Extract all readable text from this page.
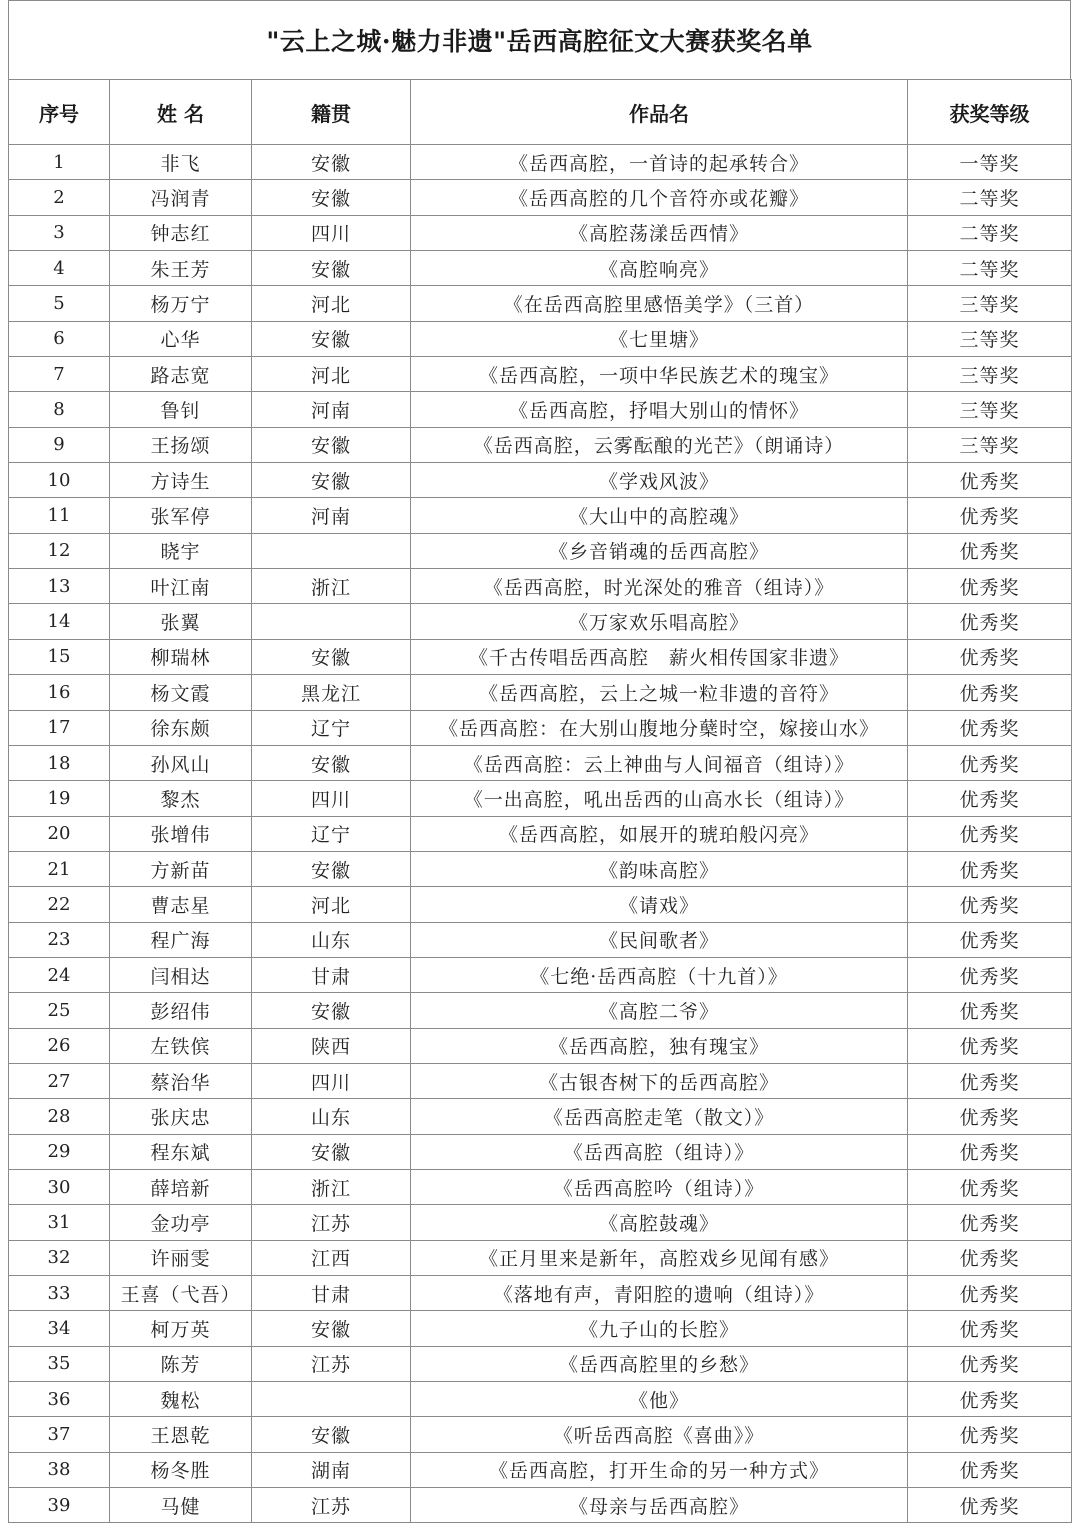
"云上之城·魅力非遗"岳西高腔征文大赛获奖名单
序号	姓 名	籍贯	作品名	获奖等级
1	非飞	安徽	《岳西高腔，一首诗的起承转合》	一等奖
2	冯润青	安徽	《岳西高腔的几个音符亦或花瓣》	二等奖
3	钟志红	四川	《高腔荡漾岳西情》	二等奖
4	朱王芳	安徽	《高腔响亮》	二等奖
5	杨万宁	河北	《在岳西高腔里感悟美学》（三首）	三等奖
6	心华	安徽	《七里塘》	三等奖
7	路志宽	河北	《岳西高腔，一项中华民族艺术的瑰宝》	三等奖
8	鲁钊	河南	《岳西高腔，抒唱大别山的情怀》	三等奖
9	王扬颂	安徽	《岳西高腔，云雾酝酿的光芒》（朗诵诗）	三等奖
10	方诗生	安徽	《学戏风波》	优秀奖
11	张军停	河南	《大山中的高腔魂》	优秀奖
12	晓宇		《乡音销魂的岳西高腔》	优秀奖
13	叶江南	浙江	《岳西高腔，时光深处的雅音（组诗）》	优秀奖
14	张翼		《万家欢乐唱高腔》	优秀奖
15	柳瑞林	安徽	《千古传唱岳西高腔　薪火相传国家非遗》	优秀奖
16	杨文霞	黑龙江	《岳西高腔，云上之城一粒非遗的音符》	优秀奖
17	徐东颇	辽宁	《岳西高腔：在大别山腹地分蘖时空，嫁接山水》	优秀奖
18	孙风山	安徽	《岳西高腔：云上神曲与人间福音（组诗）》	优秀奖
19	黎杰	四川	《一出高腔，吼出岳西的山高水长（组诗）》	优秀奖
20	张增伟	辽宁	《岳西高腔，如展开的琥珀般闪亮》	优秀奖
21	方新苗	安徽	《韵味高腔》	优秀奖
22	曹志星	河北	《请戏》	优秀奖
23	程广海	山东	《民间歌者》	优秀奖
24	闫相达	甘肃	《七绝·岳西高腔（十九首）》	优秀奖
25	彭绍伟	安徽	《高腔二爷》	优秀奖
26	左铁傧	陕西	《岳西高腔，独有瑰宝》	优秀奖
27	蔡治华	四川	《古银杏树下的岳西高腔》	优秀奖
28	张庆忠	山东	《岳西高腔走笔（散文）》	优秀奖
29	程东斌	安徽	《岳西高腔（组诗）》	优秀奖
30	薛培新	浙江	《岳西高腔吟（组诗）》	优秀奖
31	金功亭	江苏	《高腔鼓魂》	优秀奖
32	许丽雯	江西	《正月里来是新年，高腔戏乡见闻有感》	优秀奖
33	王喜（弋吾）	甘肃	《落地有声，青阳腔的遗响（组诗）》	优秀奖
34	柯万英	安徽	《九子山的长腔》	优秀奖
35	陈芳	江苏	《岳西高腔里的乡愁》	优秀奖
36	魏松		《他》	优秀奖
37	王恩乾	安徽	《听岳西高腔《喜曲》》	优秀奖
38	杨冬胜	湖南	《岳西高腔，打开生命的另一种方式》	优秀奖
39	马健	江苏	《母亲与岳西高腔》	优秀奖
